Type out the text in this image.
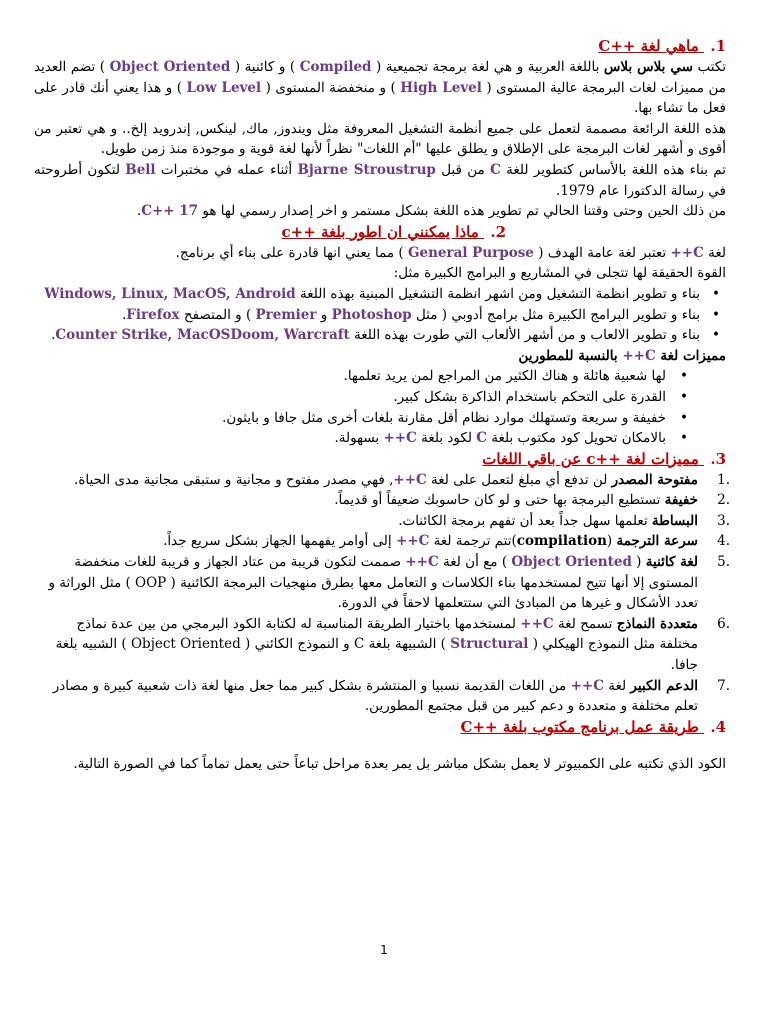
1. ماهي لغة ++C

تكتب سي بلاس بلاس باللغة العربية و هي لغة برمجة تجميعية ( Compiled ) و كائنية ( Object Oriented ) تضم العديد من مميزات لغات البرمجة عالية المستوى ( High Level ) و منخفضة المستوى ( Low Level ) و هذا يعني أنك قادر على فعل ما تشاء بها.

هذه اللغة الرائعة مصممة لتعمل على جميع أنظمة التشغيل المعروفة مثل ويندوز, ماك, لينكس, إندرويد إلخ.. و هي تعتبر من أقوى و أشهر لغات البرمجة على الإطلاق و يطلق عليها "أم اللغات" نظراً لأنها لغة قوية و موجودة منذ زمن طويل.

تم بناء هذه اللغة بالأساس كتطوير للغة C من قبل Bjarne Stroustrup أثناء عمله في مختبرات Bell لتكون أطروحته في رسالة الدكتورا عام 1979.

من ذلك الحين وحتى وقتنا الحالي تم تطوير هذه اللغة بشكل مستمر و اخر إصدار رسمي لها هو C++ 17.

2. ماذا يمكنني ان اطور بلغة ++c

لغة C++ تعتبر لغة عامة الهدف ( General Purpose ) مما يعني انها قادرة على بناء أي برنامج.

القوة الحقيقة لها تتجلى في المشاريع و البرامج الكبيرة مثل:

• بناء و تطوير انظمة التشغيل ومن اشهر انظمة التشغيل المبنية بهذه اللغة Windows, Linux, MacOS, Android
• بناء و تطوير البرامج الكبيرة مثل برامج أدوبي ( مثل Photoshop و Premier ) و المتصفح Firefox.
• بناء و تطوير الالعاب و من أشهر الألعاب التي طورت بهذه اللغة Counter Strike, MacOSDoom, Warcraft.

مميزات لغة C++ بالنسبة للمطورين

• لها شعبية هائلة و هناك الكثير من المراجع لمن يريد تعلمها.
• القدرة على التحكم باستخدام الذاكرة بشكل كبير.
• خفيفة و سريعة وتستهلك موارد نظام أقل مقارنة بلغات أخرى مثل جافا و بايثون.
• بالامكان تحويل كود مكتوب بلغة C لكود بلغة C++ بسهولة.
3. مميزات لغة ++c عن باقي اللغات
.1
مفتوحة المصدر لن تدفع أي مبلغ لتعمل على لغة C++, فهي مصدر مفتوح و مجانية و ستبقى مجانية مدى الحياة.
.2
خفيفة تستطيع البرمجة بها حتى و لو كان حاسوبك ضعيفاً أو قديماً.
.3
البساطة تعلمها سهل جداً بعد أن تفهم برمجة الكائنات.
.4
سرعة الترجمة (compilation)تتم ترجمة لغة C++ إلى أوامر يفهمها الجهاز بشكل سريع جداً.
.5
لغة كائنية ( Object Oriented ) مع أن لغة C++ صممت لتكون قريبة من عتاد الجهاز و قريبة للغات منخفضة المستوى إلا أنها تتيح لمستخدمها بناء الكلاسات و التعامل معها بطرق منهجيات البرمجة الكائنية ( OOP ) مثل الوراثة و تعدد الأشكال و غيرها من المبادئ التي ستتعلمها لاحقاً في الدورة.
.6
متعددة النماذج تسمح لغة C++ لمستخدمها باختيار الطريقة المناسبة له لكتابة الكود البرمجي من بين عدة نماذج مختلفة مثل النموذج الهيكلي ( Structural ) الشبيهة بلغة C و النموذج الكائني ( Object Oriented ) الشبيه بلغة جافا.
.7
الدعم الكبير لغة C++ من اللغات القديمة نسبيا و المنتشرة بشكل كبير مما جعل منها لغة ذات شعبية كبيرة و مصادر تعلم مختلفة و متعددة و دعم كبير من قبل مجتمع المطورين.
4. طريقة عمل برنامج مكتوب بلغة ++C

الكود الذي تكتبه على الكمبيوتر لا يعمل بشكل مباشر بل يمر بعدة مراحل تباعاً حتى يعمل تماماً كما في الصورة التالية.

1
